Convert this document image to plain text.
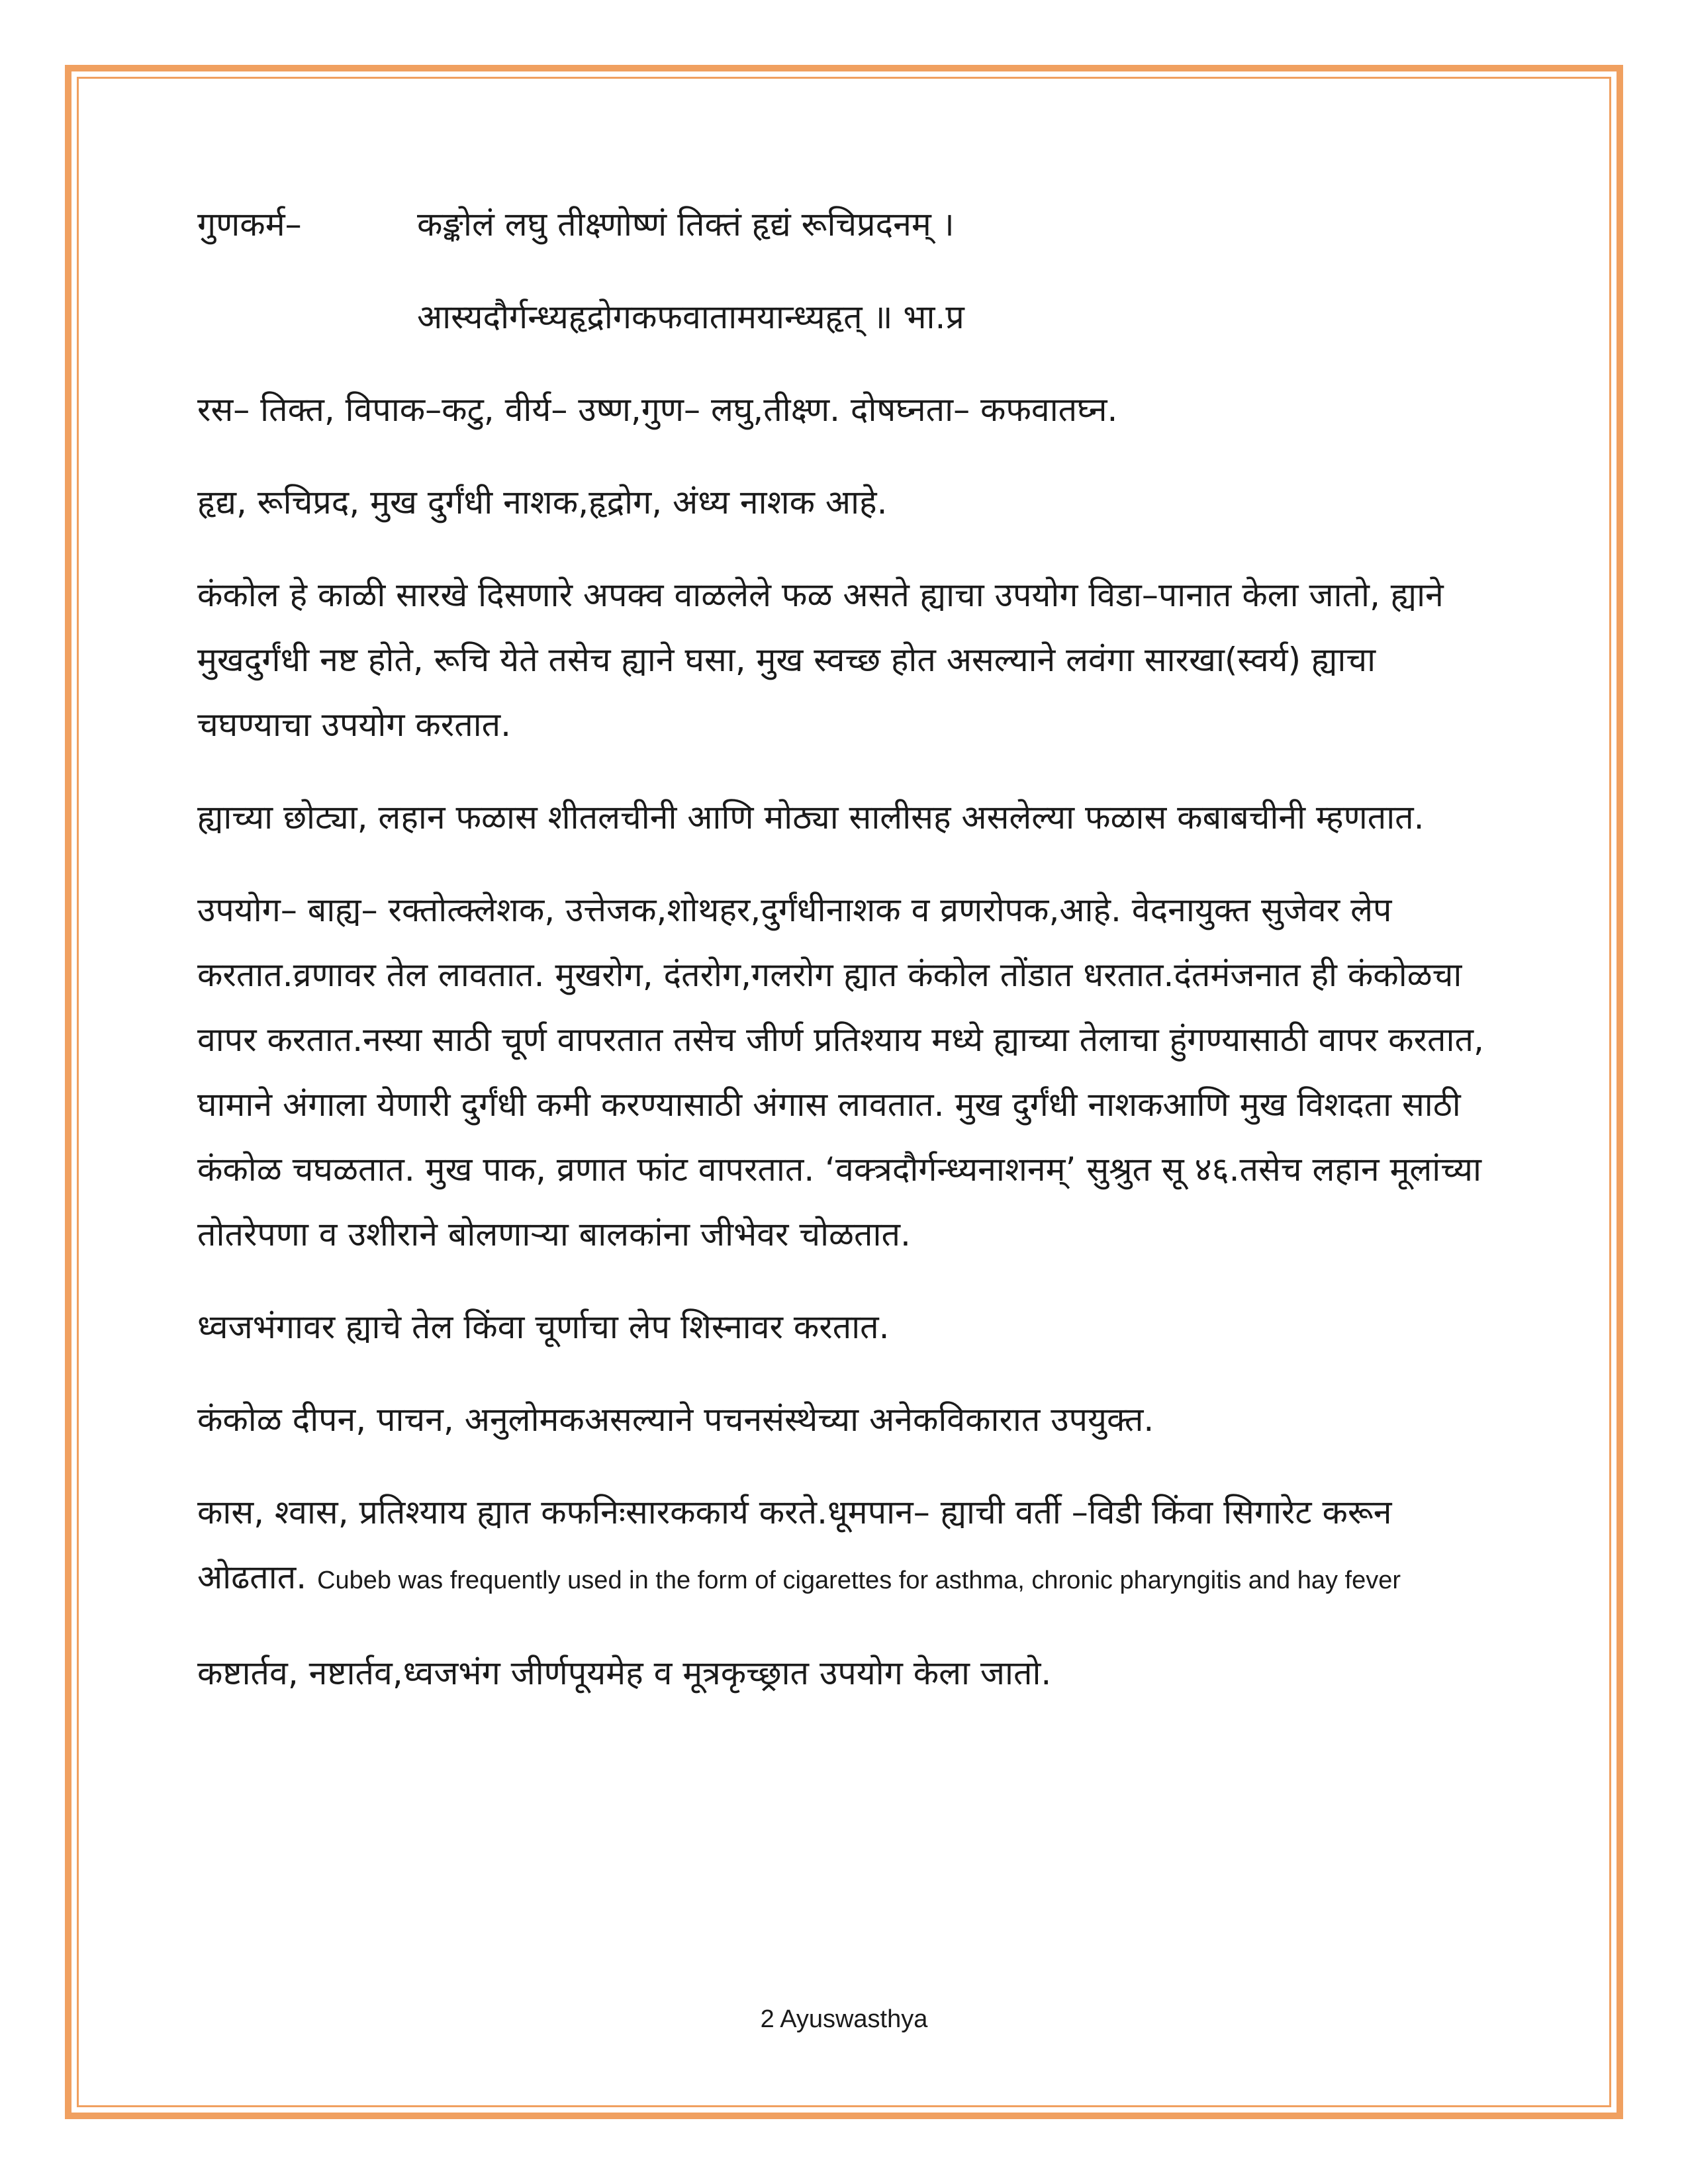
गुणकर्म–	कङ्कोलं लघु तीक्ष्णोष्णं तिक्तं हृद्यं रूचिप्रदनम् ।
आस्यदौर्गन्ध्यहृद्रोगकफवातामयान्ध्यहृत् ॥ भा.प्र

रस– तिक्त, विपाक–कटु, वीर्य– उष्ण,गुण– लघु,तीक्ष्ण. दोषघ्नता– कफवातघ्न.

हृद्य, रूचिप्रद, मुख दुर्गंधी नाशक,हृद्रोग, अंध्य नाशक आहे.

कंकोल हे काळी सारखे दिसणारे अपक्व वाळलेले फळ असते ह्याचा उपयोग विडा–पानात केला जातो, ह्याने मुखदुर्गंधी नष्ट होते, रूचि येते तसेच ह्याने घसा, मुख स्वच्छ होत असल्याने लवंगा सारखा(स्वर्य) ह्याचा चघण्याचा उपयोग करतात.

ह्याच्या छोट्या, लहान फळास शीतलचीनी आणि मोठ्या सालीसह असलेल्या फळास कबाबचीनी म्हणतात.

उपयोग– बाह्य– रक्तोत्क्लेशक, उत्तेजक,शोथहर,दुर्गंधीनाशक व व्रणरोपक,आहे. वेदनायुक्त सुजेवर लेप करतात.व्रणावर तेल लावतात. मुखरोग, दंतरोग,गलरोग ह्यात कंकोल तोंडात धरतात.दंतमंजनात ही कंकोळचा वापर करतात.नस्या साठी चूर्ण वापरतात तसेच जीर्ण प्रतिश्याय मध्ये ह्याच्या तेलाचा हुंगण्यासाठी वापर करतात, घामाने अंगाला येणारी दुर्गंधी कमी करण्यासाठी अंगास लावतात. मुख दुर्गंधी नाशकआणि मुख विशदता साठी कंकोळ चघळतात. मुख पाक, व्रणात फांट वापरतात. ‘वक्त्रदौर्गन्ध्यनाशनम्’ सुश्रुत सू ४६.तसेच लहान मूलांच्या तोतरेपणा व उशीराने बोलणाऱ्या बालकांना जीभेवर चोळतात.

ध्वजभंगावर ह्याचे तेल किंवा चूर्णाचा लेप शिस्नावर करतात.

कंकोळ दीपन, पाचन, अनुलोमकअसल्याने पचनसंस्थेच्या अनेकविकारात उपयुक्त.

कास, श्वास, प्रतिश्याय ह्यात कफनिःसारककार्य करते.धूमपान– ह्याची वर्ती –विडी किंवा सिगारेट करून ओढतात. Cubeb was frequently used in the form of cigarettes for asthma, chronic pharyngitis and hay fever

कष्टार्तव, नष्टार्तव,ध्वजभंग जीर्णपूयमेह व मूत्रकृच्छ्रात उपयोग केला जातो.

2 Ayuswasthya
